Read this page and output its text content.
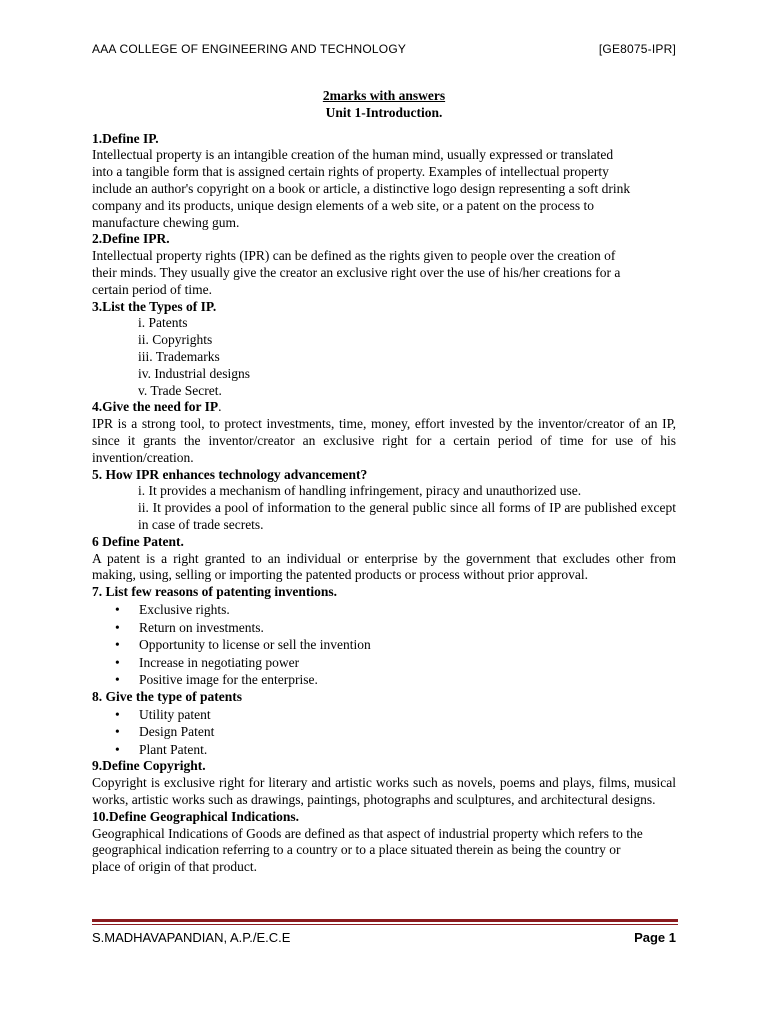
AAA COLLEGE OF ENGINEERING AND TECHNOLOGY	[GE8075-IPR]
2marks with answers
Unit 1-Introduction.
1.Define IP.
Intellectual property is an intangible creation of the human mind, usually expressed or translated into a tangible form that is assigned certain rights of property. Examples of intellectual property include an author's copyright on a book or article, a distinctive logo design representing a soft drink company and its products, unique design elements of a web site, or a patent on the process to manufacture chewing gum.
2.Define IPR.
Intellectual property rights (IPR) can be defined as the rights given to people over the creation of their minds. They usually give the creator an exclusive right over the use of his/her creations for a certain period of time.
3.List the Types of IP.
i. Patents
ii. Copyrights
iii. Trademarks
iv. Industrial designs
v. Trade Secret.
4.Give the need for IP.
IPR is a strong tool, to protect investments, time, money, effort invested by the inventor/creator of an IP, since it grants the inventor/creator an exclusive right for a certain period of time for use of his invention/creation.
5. How IPR enhances technology advancement?
i. It provides a mechanism of handling infringement, piracy and unauthorized use.
ii. It provides a pool of information to the general public since all forms of IP are published except in case of trade secrets.
6 Define Patent.
A patent is a right granted to an individual or enterprise by the government that excludes other from making, using, selling or importing the patented products or process without prior approval.
7. List few reasons of patenting inventions.
• Exclusive rights.
• Return on investments.
• Opportunity to license or sell the invention
• Increase in negotiating power
• Positive image for the enterprise.
8. Give the type of patents
• Utility patent
• Design Patent
• Plant Patent.
9.Define Copyright.
Copyright is exclusive right for literary and artistic works such as novels, poems and plays, films, musical works, artistic works such as drawings, paintings, photographs and sculptures, and architectural designs.
10.Define Geographical Indications.
Geographical Indications of Goods are defined as that aspect of industrial property which refers to the geographical indication referring to a country or to a place situated therein as being the country or place of origin of that product.
S.MADHAVAPANDIAN, A.P./E.C.E	Page 1
